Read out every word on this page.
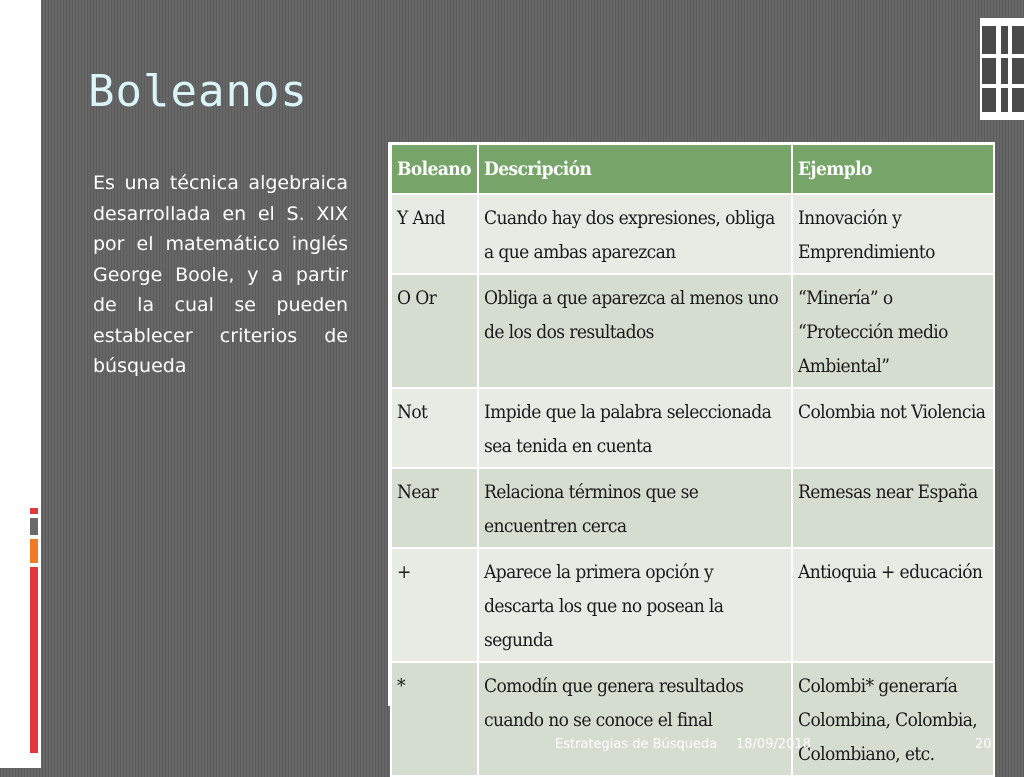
Boleanos

Es una técnica algebraica desarrollada en el S. XIX por el matemático inglés George Boole, y a partir de la cual se pueden establecer criterios de búsqueda

Boleano	Descripción	Ejemplo
Y And	Cuando hay dos expresiones, obliga a que ambas aparezcan	Innovación y Emprendimiento
O Or	Obliga a que aparezca al menos uno de los dos resultados	“Minería” o “Protección medio Ambiental”
Not	Impide que la palabra seleccionada sea tenida en cuenta	Colombia not Violencia
Near	Relaciona términos que se encuentren cerca	Remesas near España
+	Aparece la primera opción y descarta los que no posean la segunda	Antioquia + educación
*	Comodín que genera resultados cuando no se conoce el final	Colombi* generaría Colombina, Colombia, Colombiano, etc.
Estrategias de Búsqueda 18/09/2018	20
